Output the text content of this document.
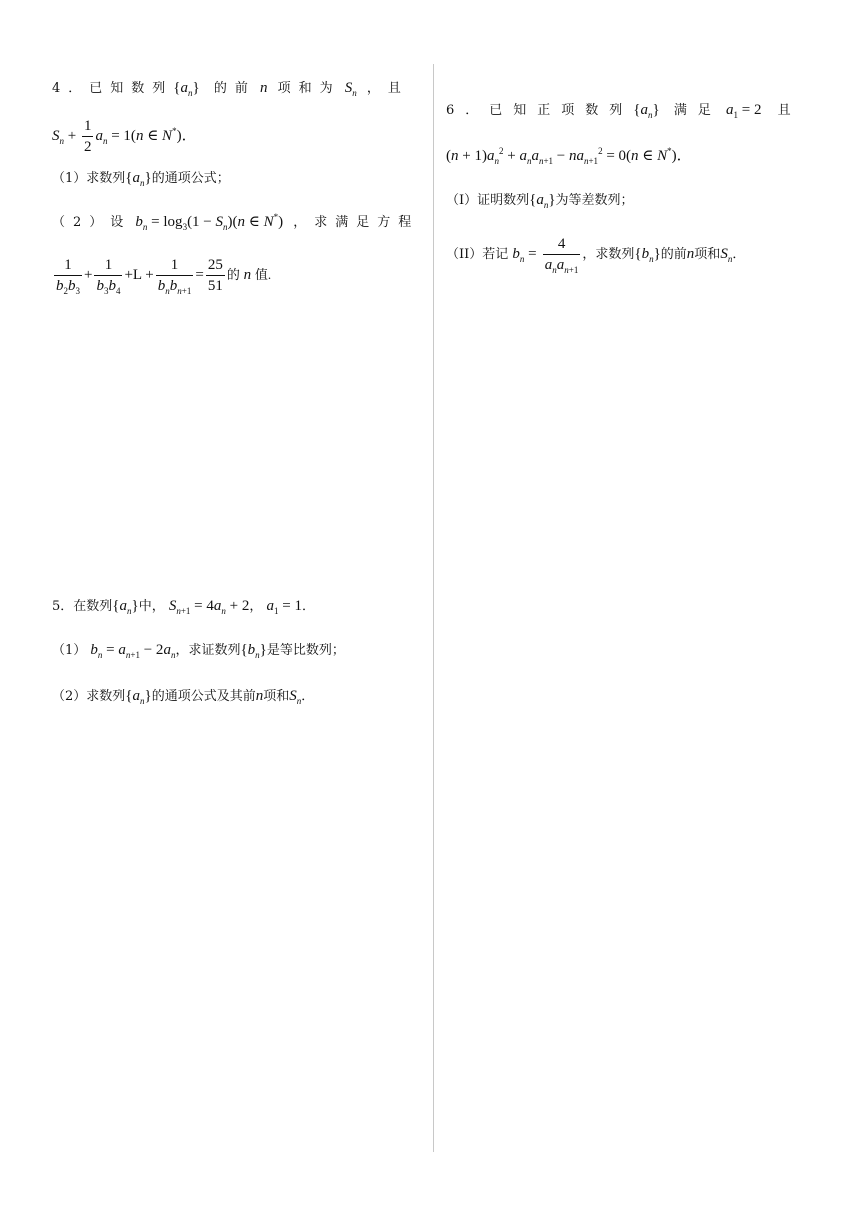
4．已知数列$\{a_n\}$ 的前 n 项和为 $S_n$ ，且
$S_n + \frac{1}{2} a_n = 1(n$ ∈ N*)．
（1）求数列$\{a_n\}$的通项公式；
（2）设 $b_n = \log_3(1 - S_n)(n$ ∈ N*) ，求满足方程
$\frac{1}{b_2b_3} + \frac{1}{b_3b_4} +L + \frac{1}{b_nb_{n+1}} = \frac{25}{51}$ 的 n 值.
5．在数列$\{a_n\}$中， $S_{n+1} = 4a_n + 2$， $a_1 = 1$．
（1） $b_n = a_{n+1} - 2a_n$，求证数列$\{b_n\}$是等比数列；
（2）求数列$\{a_n\}$的通项公式及其前n项和$S_n$．
6．已知正项数列$\{a_n\}$ 满足 $a_1 = 2$ 且
$(n + 1)a_n^2 + a_na_{n+1} - na_{n+1}^2 = 0(n$ ∈ N*)．
（I）证明数列$\{a_n\}$为等差数列；
（II）若记 $b_n = \frac{4}{a_na_{n+1}}$ ，求数列$\{b_n\}$的前n项和$S_n$．
